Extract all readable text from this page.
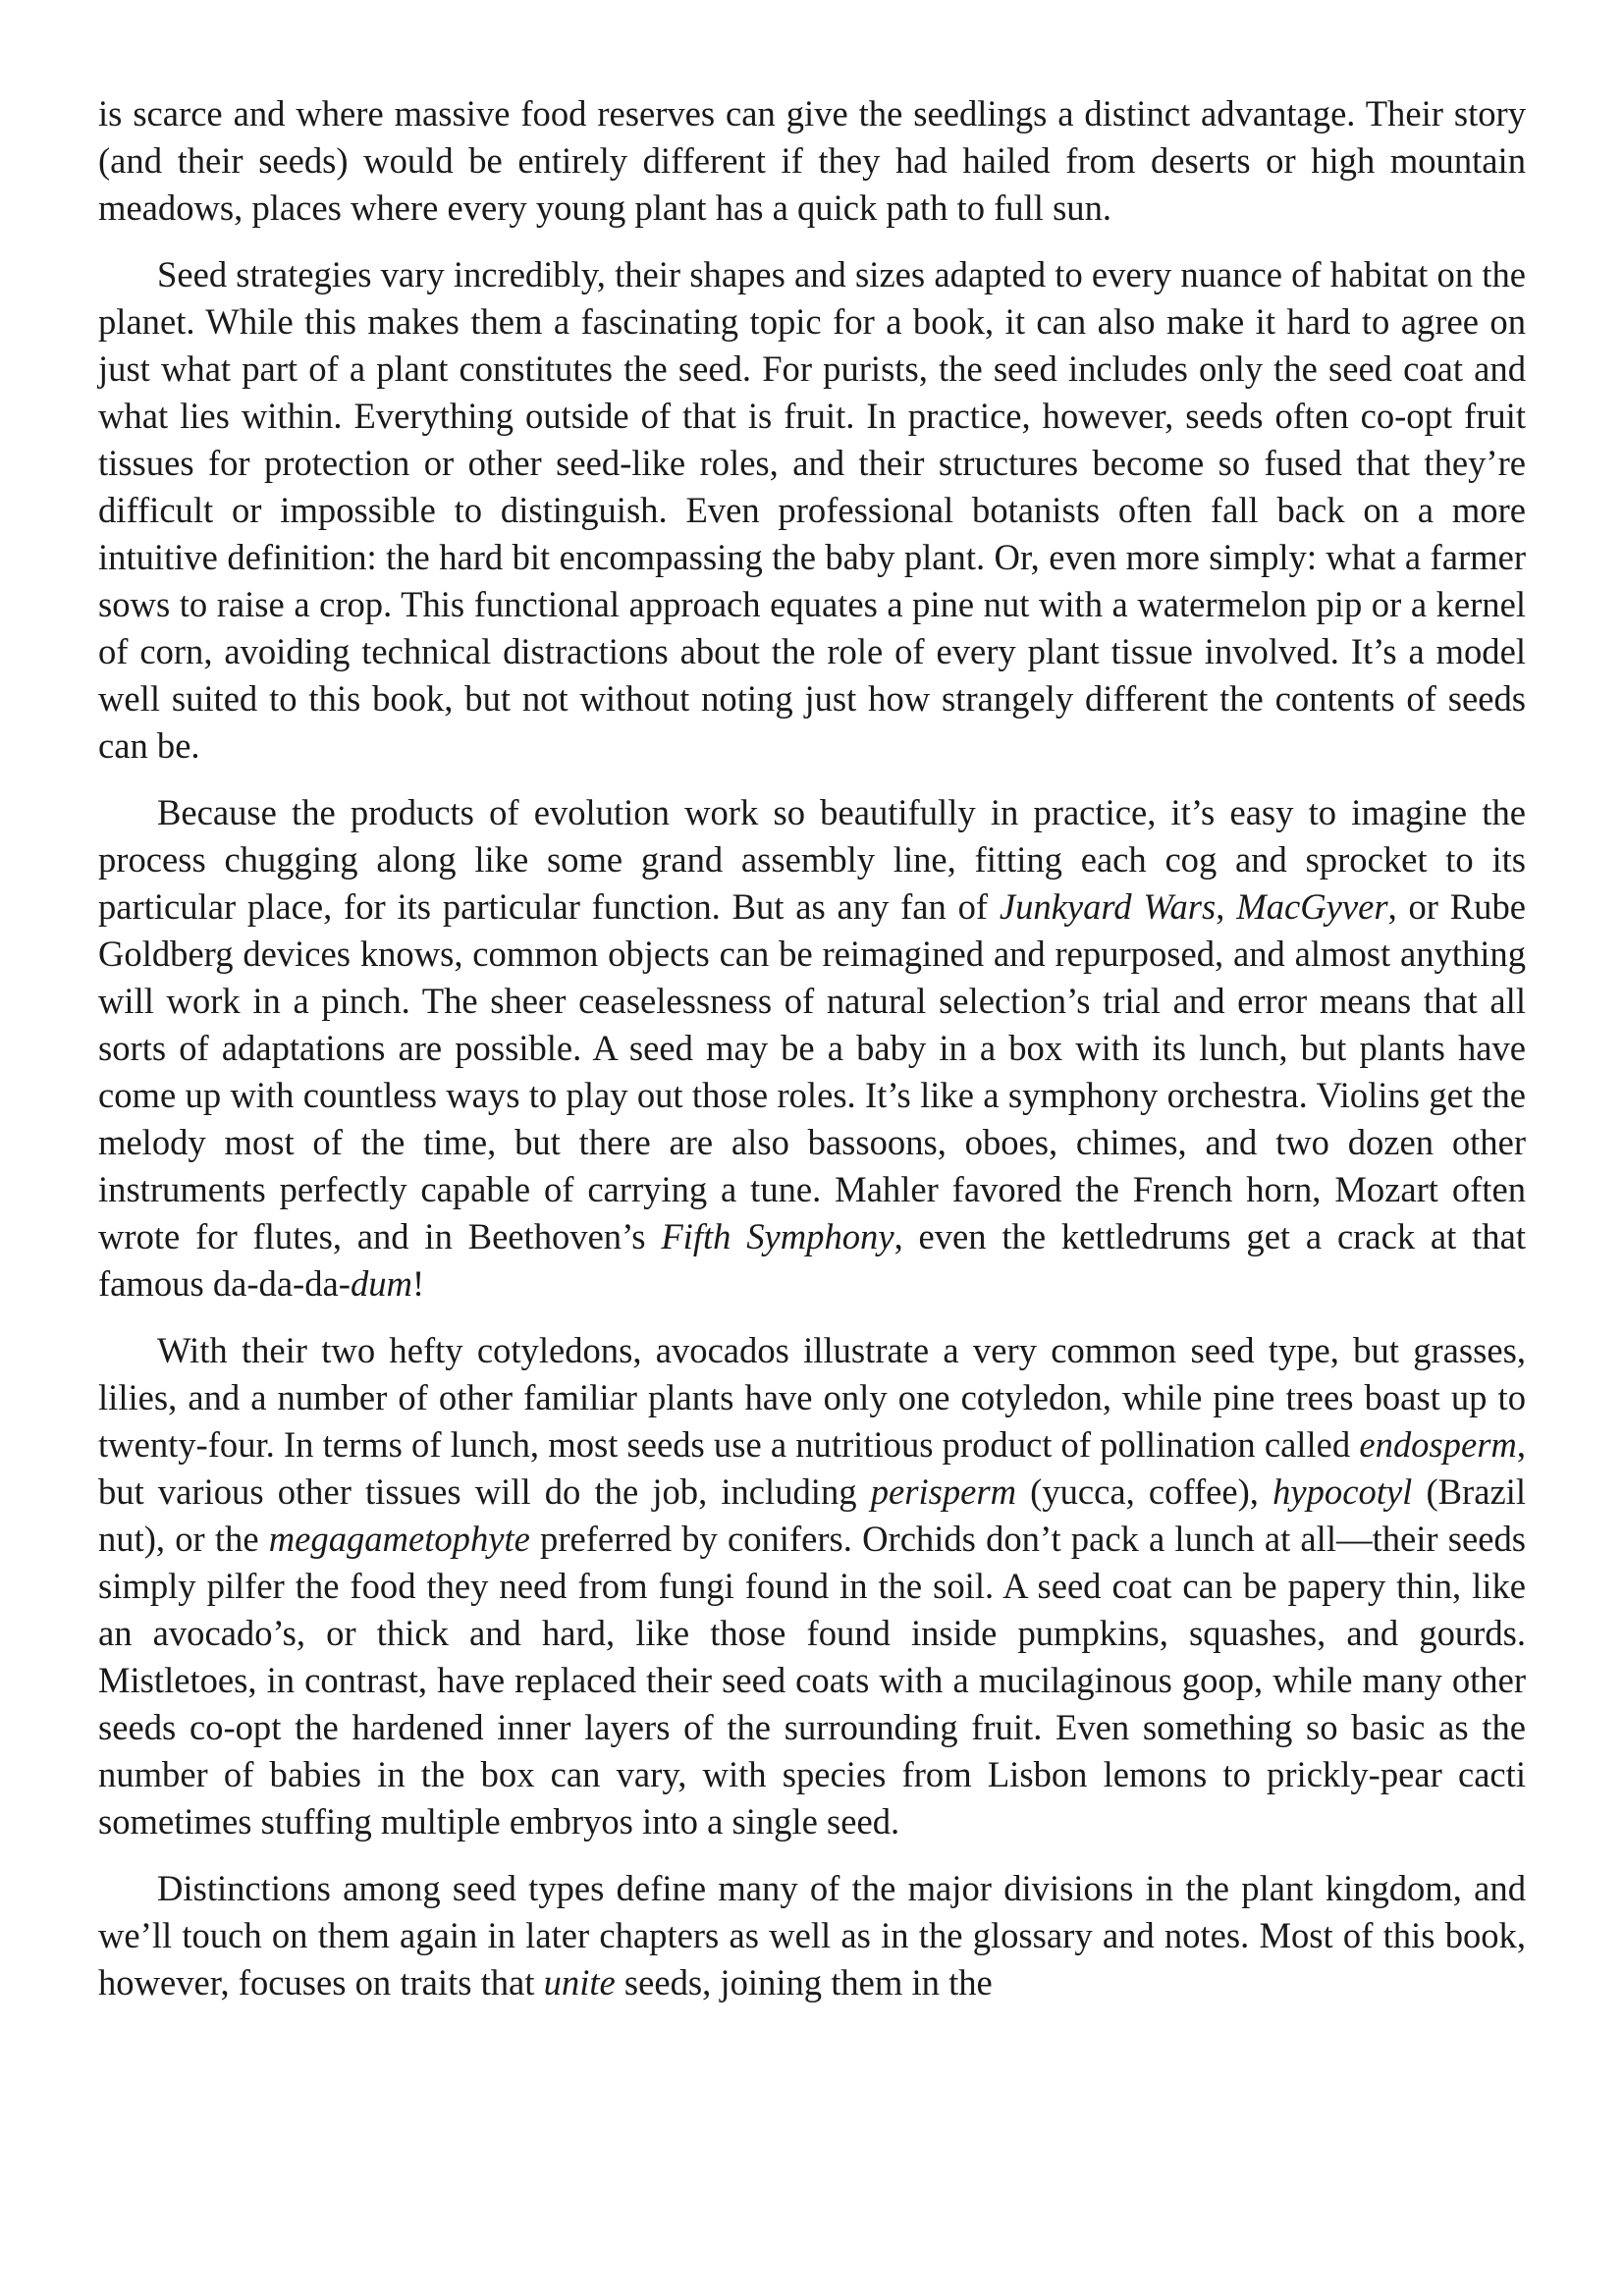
is scarce and where massive food reserves can give the seedlings a distinct advantage. Their story (and their seeds) would be entirely different if they had hailed from deserts or high mountain meadows, places where every young plant has a quick path to full sun.

Seed strategies vary incredibly, their shapes and sizes adapted to every nuance of habitat on the planet. While this makes them a fascinating topic for a book, it can also make it hard to agree on just what part of a plant constitutes the seed. For purists, the seed includes only the seed coat and what lies within. Everything outside of that is fruit. In practice, however, seeds often co-opt fruit tissues for protection or other seed-like roles, and their structures become so fused that they’re difficult or impossible to distinguish. Even professional botanists often fall back on a more intuitive definition: the hard bit encompassing the baby plant. Or, even more simply: what a farmer sows to raise a crop. This functional approach equates a pine nut with a watermelon pip or a kernel of corn, avoiding technical distractions about the role of every plant tissue involved. It’s a model well suited to this book, but not without noting just how strangely different the contents of seeds can be.

Because the products of evolution work so beautifully in practice, it’s easy to imagine the process chugging along like some grand assembly line, fitting each cog and sprocket to its particular place, for its particular function. But as any fan of Junkyard Wars, MacGyver, or Rube Goldberg devices knows, common objects can be reimagined and repurposed, and almost anything will work in a pinch. The sheer ceaselessness of natural selection’s trial and error means that all sorts of adaptations are possible. A seed may be a baby in a box with its lunch, but plants have come up with countless ways to play out those roles. It’s like a symphony orchestra. Violins get the melody most of the time, but there are also bassoons, oboes, chimes, and two dozen other instruments perfectly capable of carrying a tune. Mahler favored the French horn, Mozart often wrote for flutes, and in Beethoven’s Fifth Symphony, even the kettledrums get a crack at that famous da-da-da-dum!

With their two hefty cotyledons, avocados illustrate a very common seed type, but grasses, lilies, and a number of other familiar plants have only one cotyledon, while pine trees boast up to twenty-four. In terms of lunch, most seeds use a nutritious product of pollination called endosperm, but various other tissues will do the job, including perisperm (yucca, coffee), hypocotyl (Brazil nut), or the megagametophyte preferred by conifers. Orchids don’t pack a lunch at all—their seeds simply pilfer the food they need from fungi found in the soil. A seed coat can be papery thin, like an avocado’s, or thick and hard, like those found inside pumpkins, squashes, and gourds. Mistletoes, in contrast, have replaced their seed coats with a mucilaginous goop, while many other seeds co-opt the hardened inner layers of the surrounding fruit. Even something so basic as the number of babies in the box can vary, with species from Lisbon lemons to prickly-pear cacti sometimes stuffing multiple embryos into a single seed.

Distinctions among seed types define many of the major divisions in the plant kingdom, and we’ll touch on them again in later chapters as well as in the glossary and notes. Most of this book, however, focuses on traits that unite seeds, joining them in the
